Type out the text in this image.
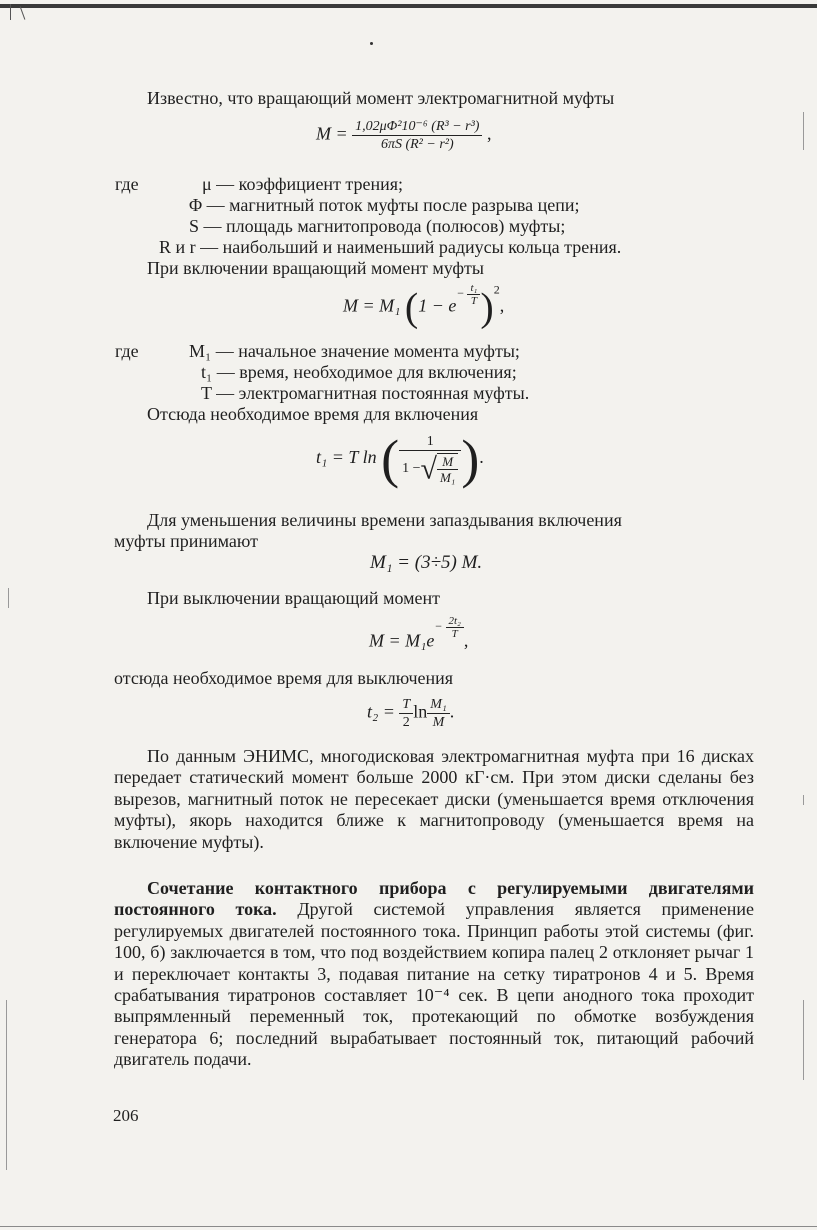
Известно, что вращающий момент электромагнитной муфты
$M = \frac{\text{1,02μΦ²10⁻⁶ (R³ − r³)}}{\text{6πS (R² − r²)}}$ ,
где	μ — коэффициент трения;
Φ — магнитный поток муфты после разрыва цепи;
S — площадь магнитопровода (полюсов) муфты;
R и r — наибольший и наименьший радиусы кольца трения.
При включении вращающий момент муфты
M = M₁ ($1 - e^{- \frac{\text{t₁}}{T}}$ )$^2$,
где	M₁ — начальное значение момента муфты;
t₁ — время, необходимое для включения;
T — электромагнитная постоянная муфты.
Отсюда необходимое время для включения
t₁ = T ln ( $\frac{1}{1 -√ \frac{M}{\text{M₁}}}$ ).
Для уменьшения величины времени запаздывания включения
муфты принимают
M₁ = (3÷5) M.
При выключении вращающий момент
$M = M_1e^{- \frac{\text{2t₂}}{T}}$
,
отсюда необходимое время для выключения
$t_2 = \frac{T}{2}$ $\ln \frac{\text{M₁}}{M}$ .
По данным ЭНИМС, многодисковая электромагнитная муфта при 16 дисках передает статический момент больше 2000 кГ·см. При этом диски сделаны без вырезов, магнитный поток не пересекает диски (уменьшается время отключения муфты), якорь находится ближе к магнитопроводу (уменьшается время на включение муфты).
Сочетание контактного прибора с регулируемыми двигателями постоянного тока. Другой системой управления является применение регулируемых двигателей постоянного тока. Принцип работы этой системы (фиг. 100, б) заключается в том, что под воздействием копира палец 2 отклоняет рычаг 1 и переключает контакты 3, подавая питание на сетку тиратронов 4 и 5. Время срабатывания тиратронов составляет 10⁻⁴ сек. В цепи анодного тока проходит выпрямленный переменный ток, протекающий по обмотке возбуждения генератора 6; последний вырабатывает постоянный ток, питающий рабочий двигатель подачи.
206
